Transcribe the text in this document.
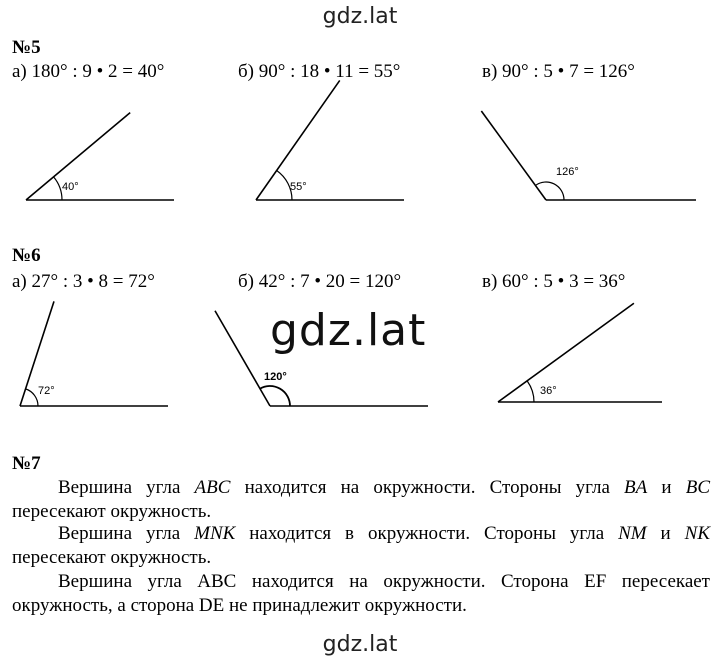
gdz.lat
gdz.lat
gdz.lat
№5
а) 180° : 9 • 2 = 40°	б) 90° : 18 • 11 = 55°	в) 90° : 5 • 7 = 126°
№6
а) 27° : 3 • 8 = 72°	б) 42° : 7 • 20 = 120°	в) 60° : 5 • 3 = 36°
40°	55°
126°
72°
120°
36°
№7
Вершина угла ABC находится на окружности. Стороны угла BA и BC пересекают окружность.
Вершина угла MNK находится в окружности. Стороны угла NM и NK пересекают окружность.
Вершина угла ABC находится на окружности. Сторона EF пересекает окружность, а сторона DE не принадлежит окружности.
